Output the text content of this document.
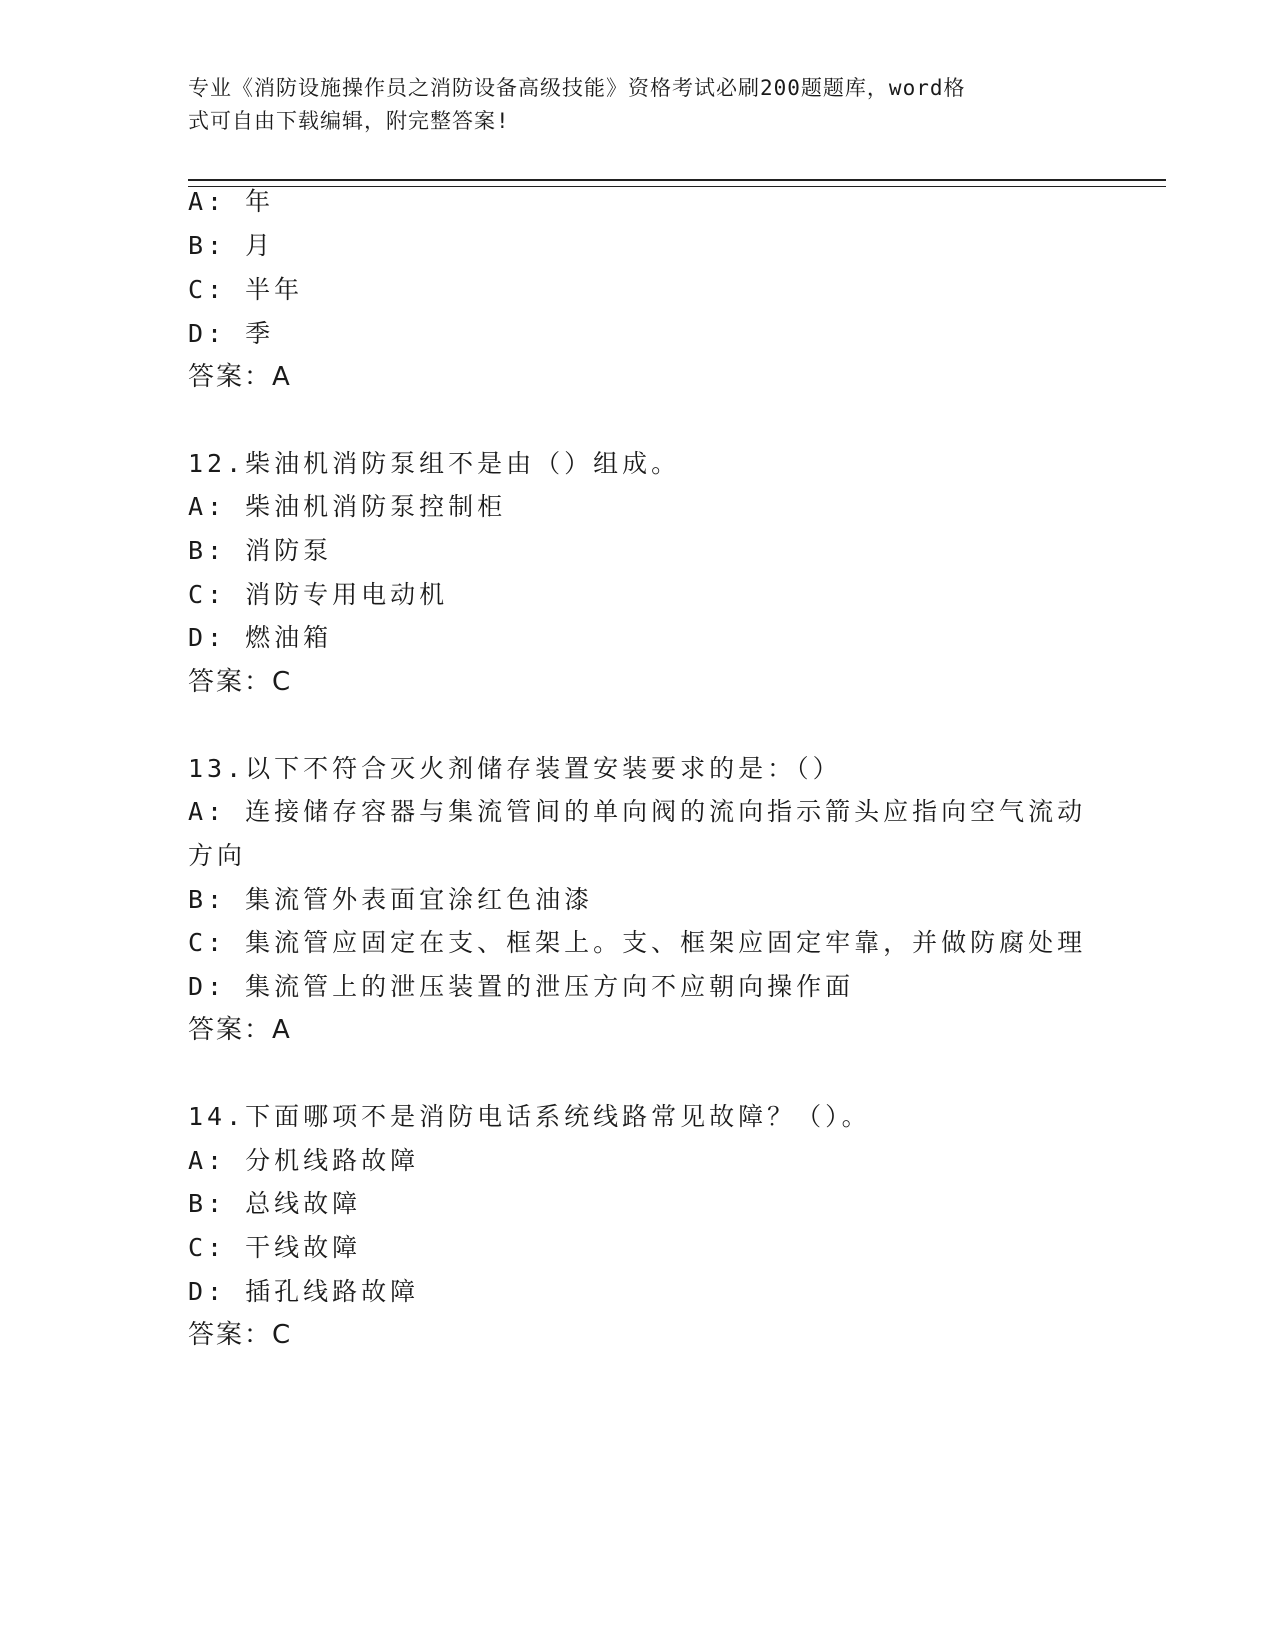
专业《消防设施操作员之消防设备高级技能》资格考试必刷200题题库，word格
式可自由下载编辑，附完整答案!
A: 年
B: 月
C: 半年
D: 季
答案：A
12.柴油机消防泵组不是由（）组成。
A: 柴油机消防泵控制柜
B: 消防泵
C: 消防专用电动机
D: 燃油箱
答案：C
13.以下不符合灭火剂储存装置安装要求的是：（）
A: 连接储存容器与集流管间的单向阀的流向指示箭头应指向空气流动
方向
B: 集流管外表面宜涂红色油漆
C: 集流管应固定在支、框架上。支、框架应固定牢靠，并做防腐处理
D: 集流管上的泄压装置的泄压方向不应朝向操作面
答案：A
14.下面哪项不是消防电话系统线路常见故障？（）。
A: 分机线路故障
B: 总线故障
C: 干线故障
D: 插孔线路故障
答案：C
